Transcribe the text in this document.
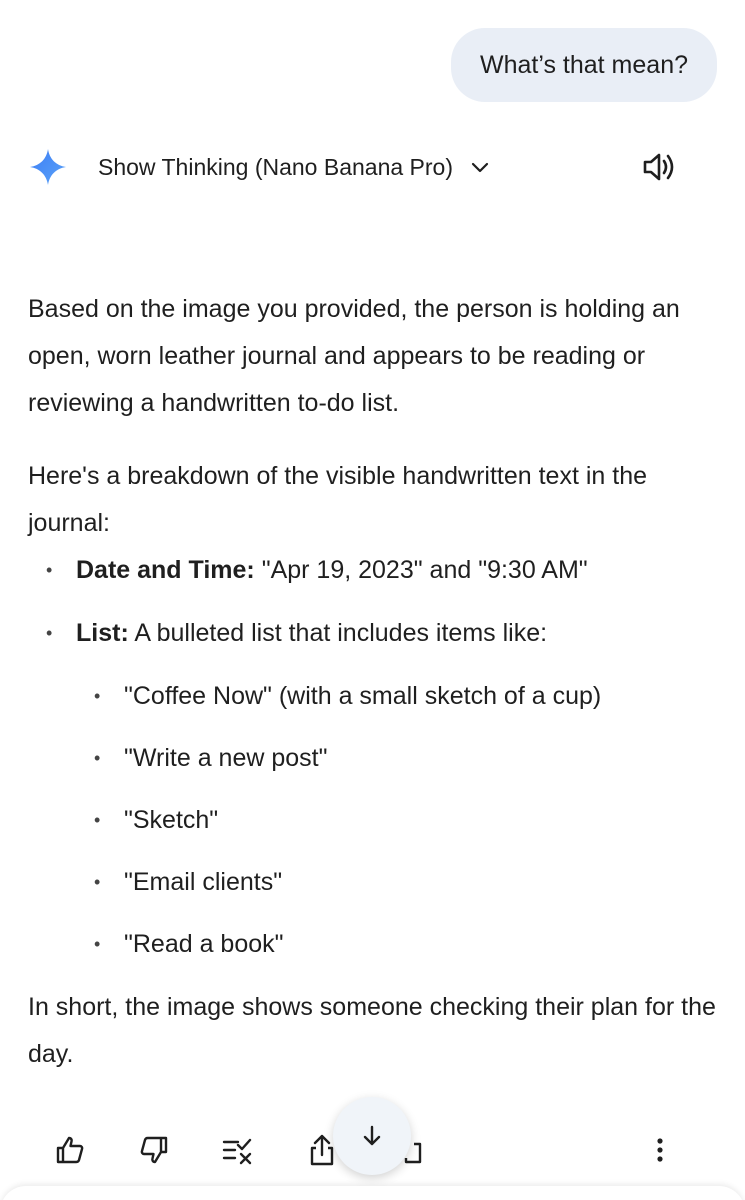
What’s that mean?
Show Thinking (Nano Banana Pro)

Based on the image you provided, the person is holding an open, worn leather journal and appears to be reading or reviewing a handwritten to-do list.

Here's a breakdown of the visible handwritten text in the journal:

• Date and Time: "Apr 19, 2023" and "9:30 AM"
• List: A bulleted list that includes items like:
• "Coffee Now" (with a small sketch of a cup)
• "Write a new post"
• "Sketch"
• "Email clients"
• "Read a book"

In short, the image shows someone checking their plan for the day.
